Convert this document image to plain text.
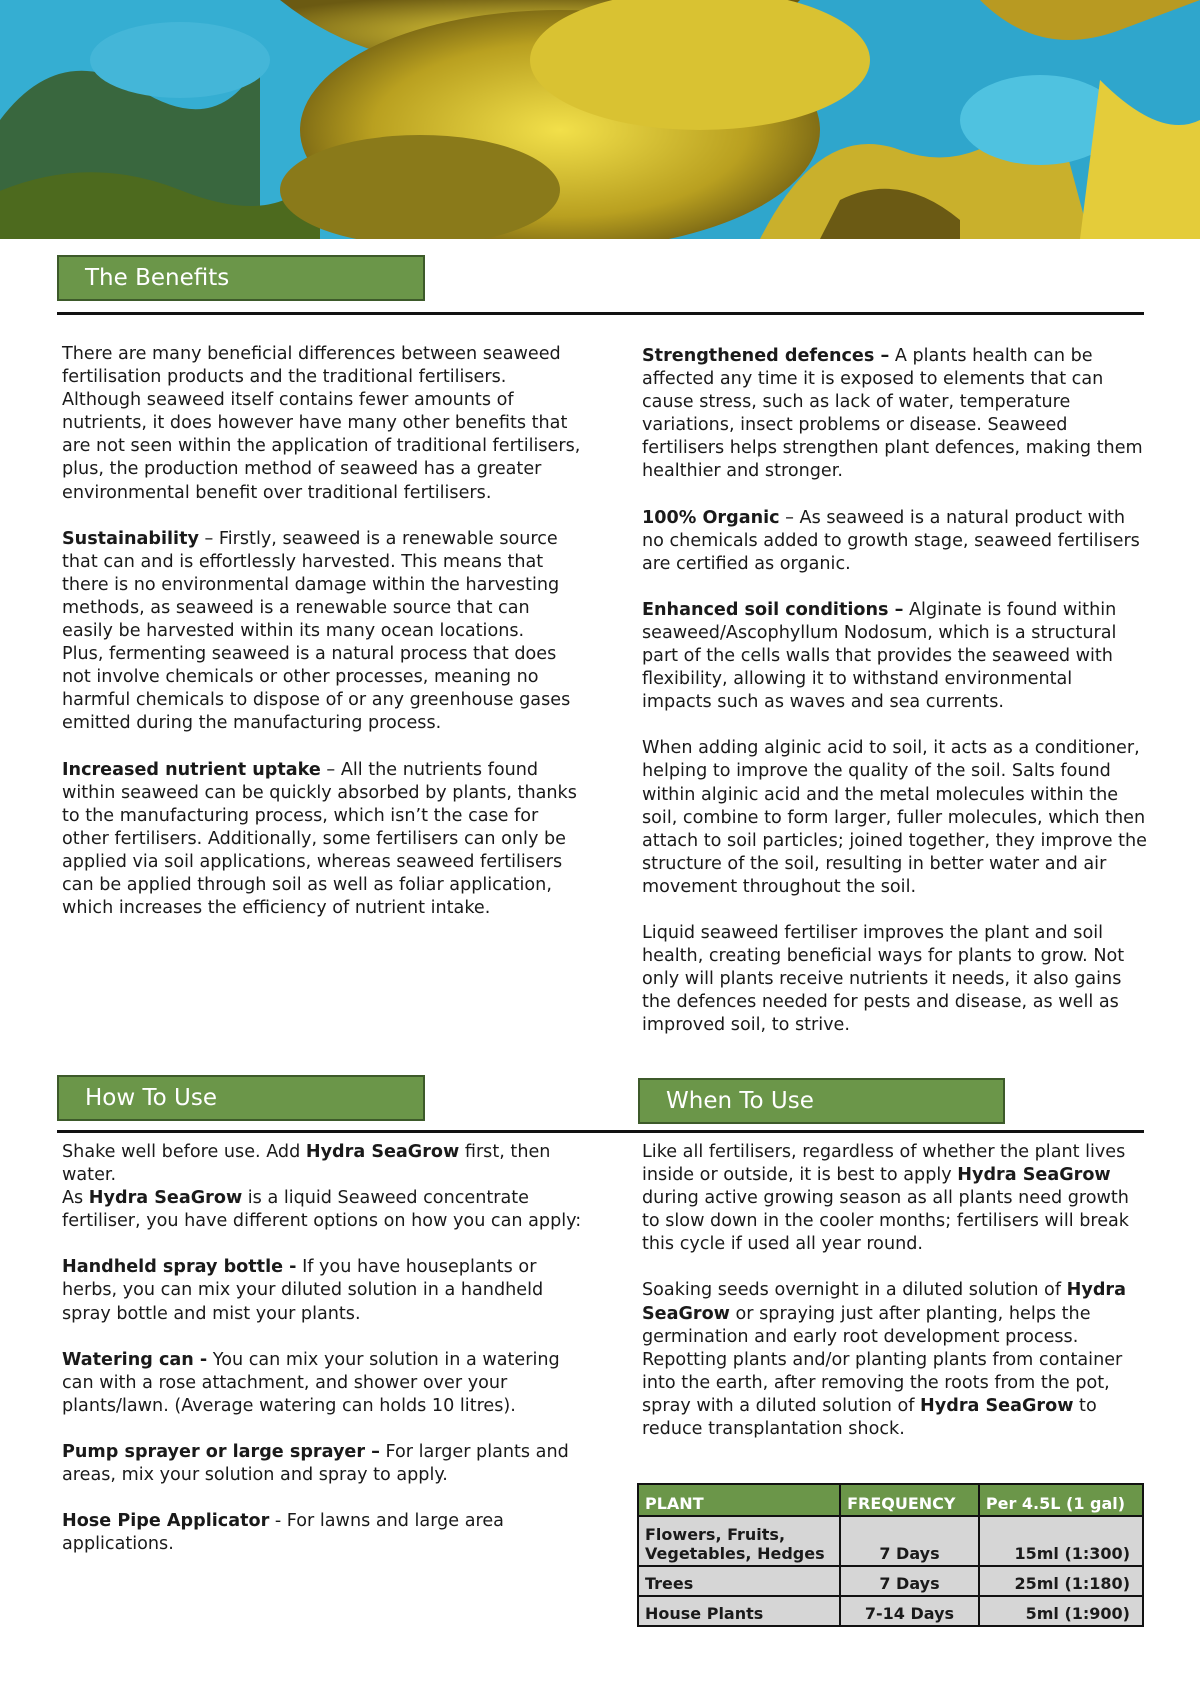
The Benefits

There are many beneficial differences between seaweed fertilisation products and the traditional fertilisers.

Although seaweed itself contains fewer amounts of nutrients, it does however have many other benefits that are not seen within the application of traditional fertilisers, plus, the production method of seaweed has a greater environmental benefit over traditional fertilisers.

Sustainability – Firstly, seaweed is a renewable source that can and is effortlessly harvested. This means that there is no environmental damage within the harvesting methods, as seaweed is a renewable source that can easily be harvested within its many ocean locations.

Plus, fermenting seaweed is a natural process that does not involve chemicals or other processes, meaning no harmful chemicals to dispose of or any greenhouse gases emitted during the manufacturing process.

Increased nutrient uptake – All the nutrients found within seaweed can be quickly absorbed by plants, thanks to the manufacturing process, which isn’t the case for other fertilisers. Additionally, some fertilisers can only be applied via soil applications, whereas seaweed fertilisers can be applied through soil as well as foliar application, which increases the efficiency of nutrient intake.

Strengthened defences – A plants health can be affected any time it is exposed to elements that can cause stress, such as lack of water, temperature variations, insect problems or disease. Seaweed fertilisers helps strengthen plant defences, making them healthier and stronger.

100% Organic – As seaweed is a natural product with no chemicals added to growth stage, seaweed fertilisers are certified as organic.

Enhanced soil conditions – Alginate is found within seaweed/Ascophyllum Nodosum, which is a structural part of the cells walls that provides the seaweed with flexibility, allowing it to withstand environmental impacts such as waves and sea currents.

When adding alginic acid to soil, it acts as a conditioner, helping to improve the quality of the soil. Salts found within alginic acid and the metal molecules within the soil, combine to form larger, fuller molecules, which then attach to soil particles; joined together, they improve the structure of the soil, resulting in better water and air movement throughout the soil.

Liquid seaweed fertiliser improves the plant and soil health, creating beneficial ways for plants to grow. Not only will plants receive nutrients it needs, it also gains the defences needed for pests and disease, as well as improved soil, to strive.

How To Use	When To Use

Shake well before use. Add Hydra SeaGrow first, then water.

As Hydra SeaGrow is a liquid Seaweed concentrate fertiliser, you have different options on how you can apply:

Handheld spray bottle - If you have houseplants or herbs, you can mix your diluted solution in a handheld spray bottle and mist your plants.

Watering can - You can mix your solution in a watering can with a rose attachment, and shower over your plants/lawn. (Average watering can holds 10 litres).

Pump sprayer or large sprayer – For larger plants and areas, mix your solution and spray to apply.

Hose Pipe Applicator - For lawns and large area applications.

Like all fertilisers, regardless of whether the plant lives inside or outside, it is best to apply Hydra SeaGrow during active growing season as all plants need growth to slow down in the cooler months; fertilisers will break this cycle if used all year round.

Soaking seeds overnight in a diluted solution of Hydra SeaGrow or spraying just after planting, helps the germination and early root development process.

Repotting plants and/or planting plants from container into the earth, after removing the roots from the pot, spray with a diluted solution of Hydra SeaGrow to reduce transplantation shock.

PLANT	FREQUENCY	Per 4.5L (1 gal)
Flowers, Fruits, Vegetables, Hedges	7 Days	15ml (1:300)
Trees	7 Days	25ml (1:180)
House Plants	7-14 Days	5ml (1:900)
